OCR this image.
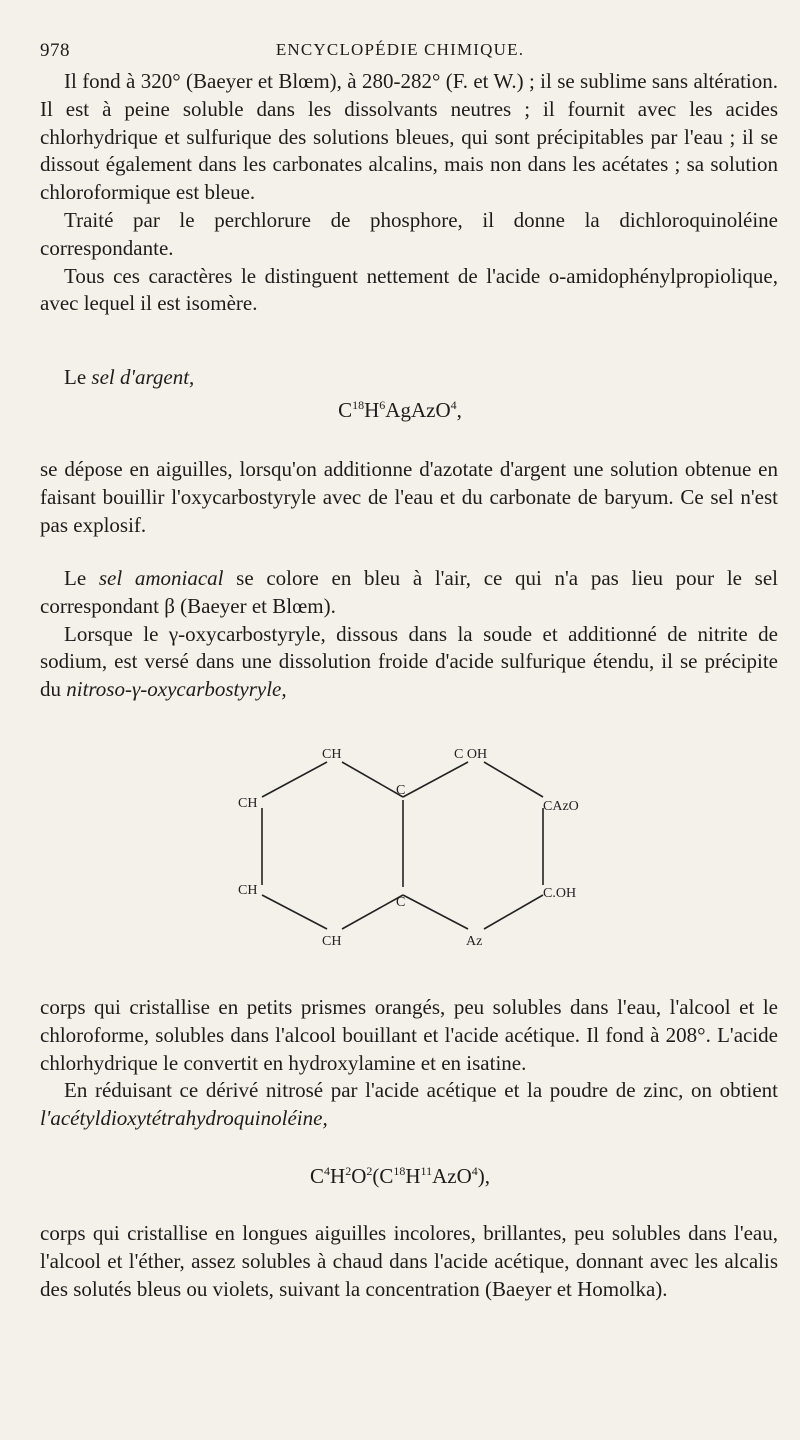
978	ENCYCLOPÉDIE CHIMIQUE.

Il fond à 320° (Baeyer et Blœm), à 280-282° (F. et W.) ; il se sublime sans altération. Il est à peine soluble dans les dissolvants neutres ; il fournit avec les acides chlorhydrique et sulfurique des solutions bleues, qui sont précipitables par l'eau ; il se dissout également dans les carbonates alcalins, mais non dans les acétates ; sa solution chloroformique est bleue.

Traité par le perchlorure de phosphore, il donne la dichloroquinoléine correspondante.

Tous ces caractères le distinguent nettement de l'acide o-amidophénylpropiolique, avec lequel il est isomère.

Le sel d'argent,

$C^{18}H^6AgAzO^4$,

se dépose en aiguilles, lorsqu'on additionne d'azotate d'argent une solution obtenue en faisant bouillir l'oxycarbostyryle avec de l'eau et du carbonate de baryum. Ce sel n'est pas explosif.

Le sel amoniacal se colore en bleu à l'air, ce qui n'a pas lieu pour le sel correspondant β (Baeyer et Blœm).

Lorsque le γ-oxycarbostyryle, dissous dans la soude et additionné de nitrite de sodium, est versé dans une dissolution froide d'acide sulfurique étendu, il se précipite du nitroso-γ-oxycarbostyryle,

CH	C OH
C
CH	CAzO
CH	C.OH
C
CH	Az

corps qui cristallise en petits prismes orangés, peu solubles dans l'eau, l'alcool et le chloroforme, solubles dans l'alcool bouillant et l'acide acétique. Il fond à 208°. L'acide chlorhydrique le convertit en hydroxylamine et en isatine.

En réduisant ce dérivé nitrosé par l'acide acétique et la poudre de zinc, on obtient l'acétyldioxytétrahydroquinoléine,

$C^4H^2O^2(C^{18}H^{11}AzO^4)$,

corps qui cristallise en longues aiguilles incolores, brillantes, peu solubles dans l'eau, l'alcool et l'éther, assez solubles à chaud dans l'acide acétique, donnant avec les alcalis des solutés bleus ou violets, suivant la concentration (Baeyer et Homolka).
